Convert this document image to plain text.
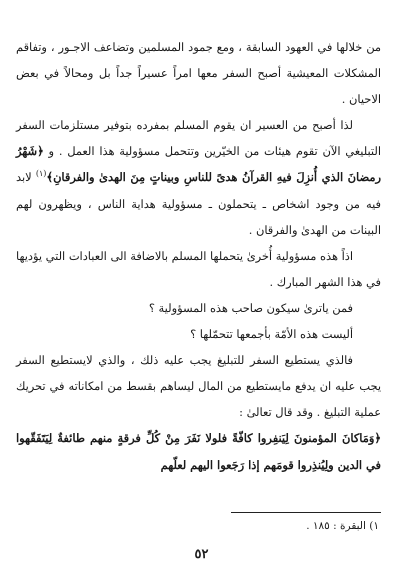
من خلالها في العهود السابقة ، ومع جمود المسلمين وتضاعف الاجـور ، وتفاقم المشكلات المعيشية أصبح السفر معها امراً عسيراً جداً بل ومحالاً في بعض الاحيان .

لذا أصبح من العسير ان يقوم المسلم بمفرده بتوفير مستلزمات السفر التبليغي الآن تقوم هيئات من الخيّرين وتتحمل مسؤولية هذا العمل . و ﴿شَهْرُ رمضانَ الذي أُنزِلَ فيهِ القرآنُ هدىً للناسِ وبيناتٍ مِنَ الهدىٰ والفرقانِ﴾$^{(١)}$ لابد فيه من وجود اشخاص ـ يتحملون ـ مسؤولية هداية الناس ، ويظهرون لهم البينات من الهدىٰ والفرقان .

اذاً هذه مسؤولية أُخرىٰ يتحملها المسلم بالاضافة الى العبادات التي يؤديها في هذا الشهر المبارك .

فمن ياترىٰ سيكون صاحب هذه المسؤولية ؟

أليست هذه الأمّة بأجمعها تتحمّلها ؟

فالذي يستطيع السفر للتبليغ يجب عليه ذلك ، والذي لايستطيع السفر يجب عليه ان يدفع مايستطيع من المال ليساهم بقسط من امكاناته في تحريك عملية التبليغ . وقد قال تعالىٰ :

﴿وَمَاكانَ المؤمنونَ لِيَنفِروا كافّةً فلولا نَفَرَ مِنْ كُلِّ فرقةٍ منهم طائفةٌ لِيَتَفَقّهوا في الدين ولِيُنذِروا قومَهم إذا رَجَعوا اليهم لعلّهم

١) البقرة : ١٨٥ .
٥٢
